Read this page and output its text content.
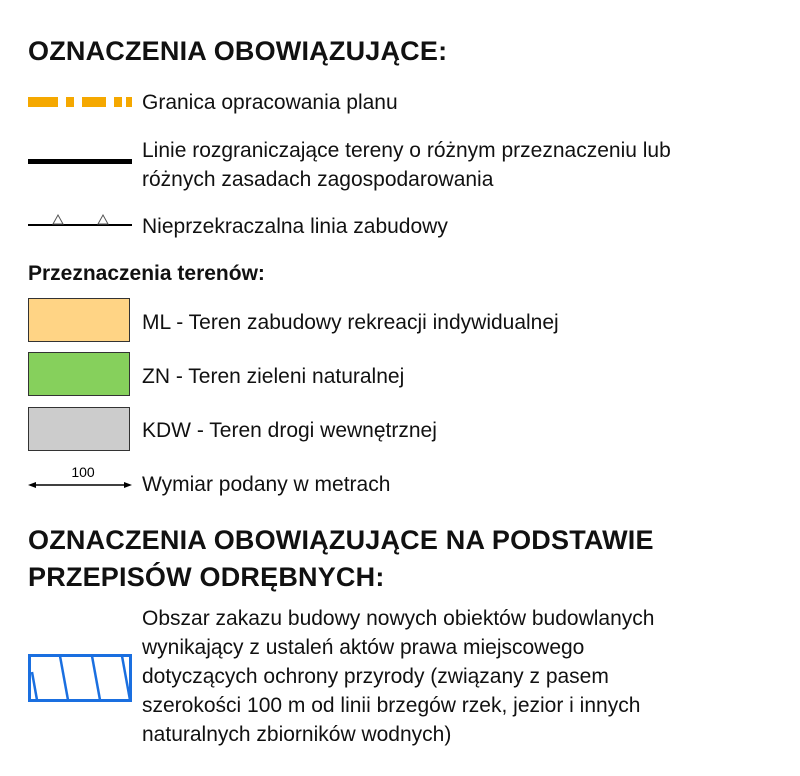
OZNACZENIA OBOWIĄZUJĄCE:
Granica opracowania planu
Linie rozgraniczające tereny o różnym przeznaczeniu lub
różnych zasadach zagospodarowania
Nieprzekraczalna linia zabudowy
Przeznaczenia terenów:
ML - Teren zabudowy rekreacji indywidualnej
ZN - Teren zieleni naturalnej
KDW - Teren drogi wewnętrznej
100
Wymiar podany w metrach
OZNACZENIA OBOWIĄZUJĄCE NA PODSTAWIE
PRZEPISÓW ODRĘBNYCH:
Obszar zakazu budowy nowych obiektów budowlanych
wynikający z ustaleń aktów prawa miejscowego
dotyczących ochrony przyrody (związany z pasem
szerokości 100 m od linii brzegów rzek, jezior i innych
naturalnych zbiorników wodnych)
